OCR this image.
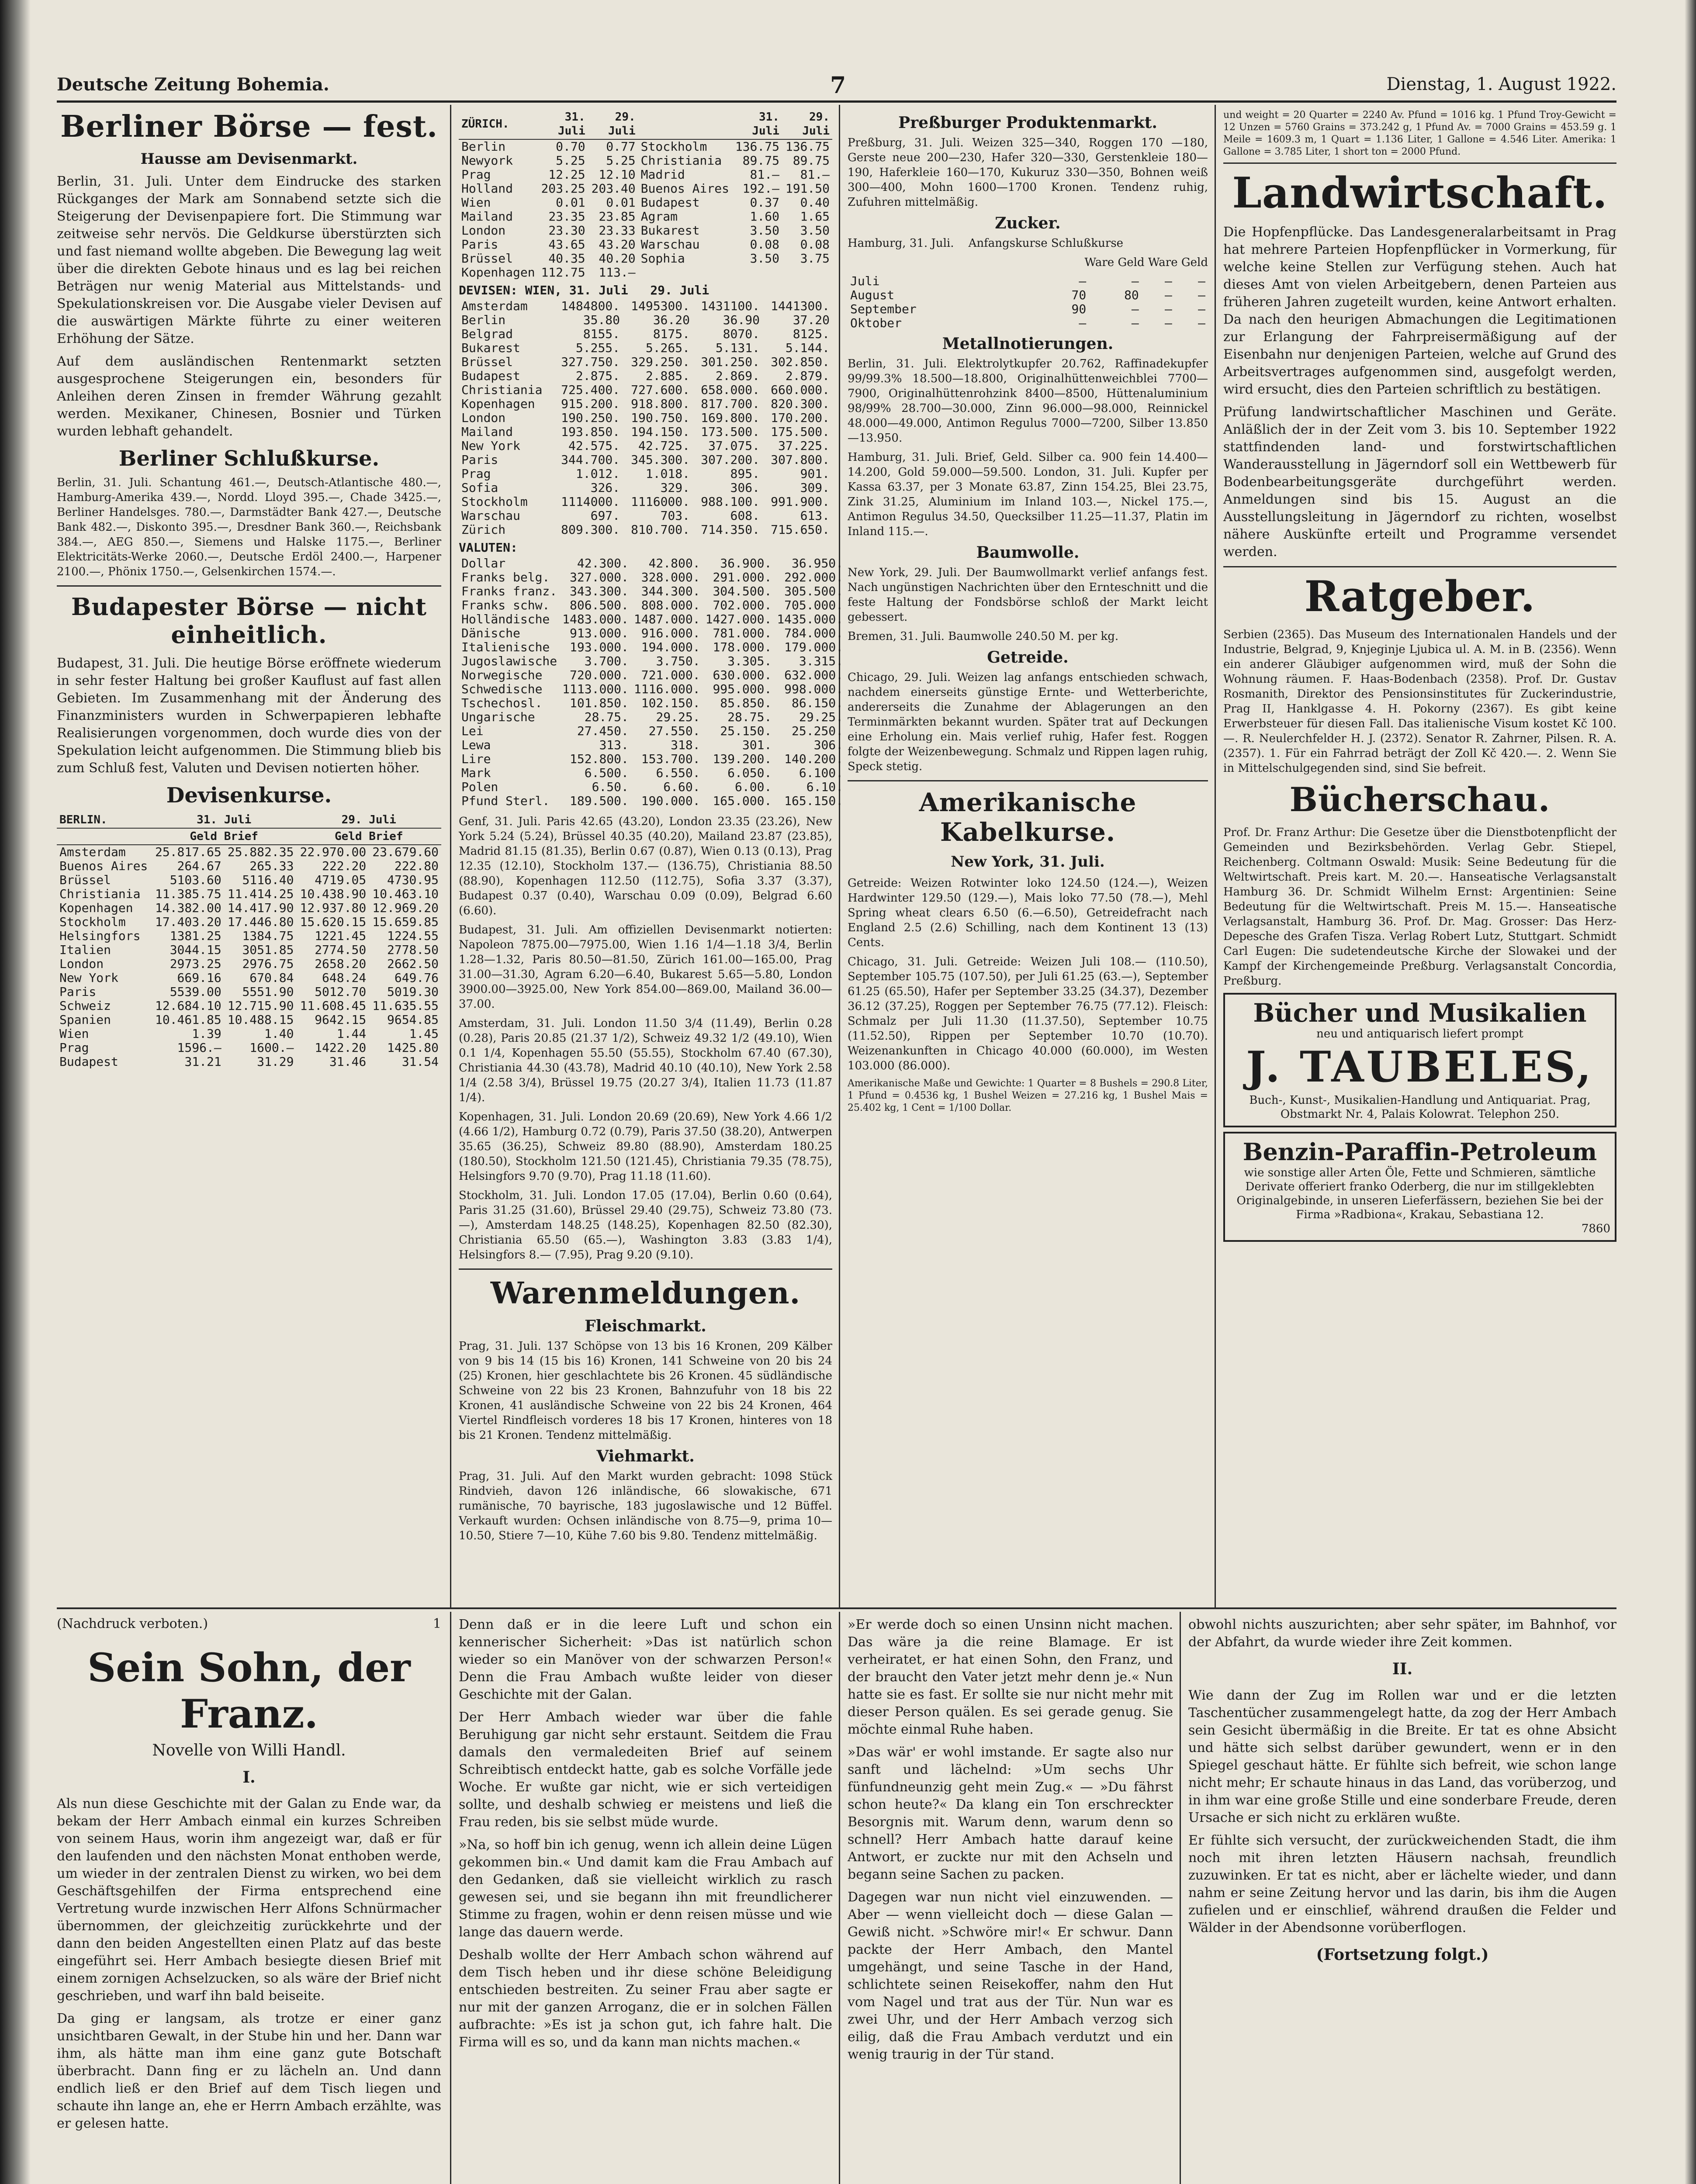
Deutsche Zeitung Bohemia.	7	Dienstag, 1. August 1922.
Berliner Börse — fest.
Hausse am Devisenmarkt.

Berlin, 31. Juli. Unter dem Eindrucke des starken Rückganges der Mark am Sonnabend setzte sich die Steigerung der Devisenpapiere fort. Die Stimmung war zeitweise sehr nervös. Die Geldkurse überstürzten sich und fast niemand wollte abgeben. Die Bewegung lag weit über die direkten Gebote hinaus und es lag bei reichen Beträgen nur wenig Material aus Mittelstands- und Spekulationskreisen vor. Die Ausgabe vieler Devisen auf die auswärtigen Märkte führte zu einer weiteren Erhöhung der Sätze.

Auf dem ausländischen Rentenmarkt setzten ausgesprochene Steigerungen ein, besonders für Anleihen deren Zinsen in fremder Währung gezahlt werden. Mexikaner, Chinesen, Bosnier und Türken wurden lebhaft gehandelt.

Berliner Schlußkurse.

Berlin, 31. Juli. Schantung 461.—, Deutsch-Atlantische 480.—, Hamburg-Amerika 439.—, Nordd. Lloyd 395.—, Chade 3425.—, Berliner Handelsges. 780.—, Darmstädter Bank 427.—, Deutsche Bank 482.—, Diskonto 395.—, Dresdner Bank 360.—, Reichsbank 384.—, AEG 850.—, Siemens und Halske 1175.—, Berliner Elektricitäts-Werke 2060.—, Deutsche Erdöl 2400.—, Harpener 2100.—, Phönix 1750.—, Gelsenkirchen 1574.—.

Budapester Börse — nicht einheitlich.

Budapest, 31. Juli. Die heutige Börse eröffnete wiederum in sehr fester Haltung bei großer Kauflust auf fast allen Gebieten. Im Zusammenhang mit der Änderung des Finanzministers wurden in Schwerpapieren lebhafte Realisierungen vorgenommen, doch wurde dies von der Spekulation leicht aufgenommen. Die Stimmung blieb bis zum Schluß fest, Valuten und Devisen notierten höher.

Devisenkurse.
BERLIN.	31. Juli		29. Juli	
	Geld Brief		Geld Brief	
Amsterdam	25.817.65	25.882.35	22.970.00	23.679.60
Buenos Aires	264.67	265.33	222.20	222.80
Brüssel	5103.60	5116.40	4719.05	4730.95
Christiania	11.385.75	11.414.25	10.438.90	10.463.10
Kopenhagen	14.382.00	14.417.90	12.937.80	12.969.20
Stockholm	17.403.20	17.446.80	15.620.15	15.659.85
Helsingfors	1381.25	1384.75	1221.45	1224.55
Italien	3044.15	3051.85	2774.50	2778.50
London	2973.25	2976.75	2658.20	2662.50
New York	669.16	670.84	648.24	649.76
Paris	5539.00	5551.90	5012.70	5019.30
Schweiz	12.684.10	12.715.90	11.608.45	11.635.55
Spanien	10.461.85	10.488.15	9642.15	9654.85
Wien	1.39	1.40	1.44	1.45
Prag	1596.—	1600.—	1422.20	1425.80
Budapest	31.21	31.29	31.46	31.54
ZÜRICH.	31. Juli	29. Juli		31. Juli	29. Juli
Berlin	0.70	0.77	Stockholm	136.75	136.75
Newyork	5.25	5.25	Christiania	89.75	89.75
Prag	12.25	12.10	Madrid	81.—	81.—
Holland	203.25	203.40	Buenos Aires	192.—	191.50
Wien	0.01	0.01	Budapest	0.37	0.40
Mailand	23.35	23.85	Agram	1.60	1.65
London	23.30	23.33	Bukarest	3.50	3.50
Paris	43.65	43.20	Warschau	0.08	0.08
Brüssel	40.35	40.20	Sophia	3.50	3.75
Kopenhagen	112.75	113.—			
DEVISEN: WIEN, 31. Juli 29. Juli
Amsterdam	1484800.	1495300.	1431100.	1441300.
Berlin	35.80	36.20	36.90	37.20
Belgrad	8155.	8175.	8070.	8125.
Bukarest	5.255.	5.265.	5.131.	5.144.
Brüssel	327.750.	329.250.	301.250.	302.850.
Budapest	2.875.	2.885.	2.869.	2.879.
Christiania	725.400.	727.600.	658.000.	660.000.
Kopenhagen	915.200.	918.800.	817.700.	820.300.
London	190.250.	190.750.	169.800.	170.200.
Mailand	193.850.	194.150.	173.500.	175.500.
New York	42.575.	42.725.	37.075.	37.225.
Paris	344.700.	345.300.	307.200.	307.800.
Prag	1.012.	1.018.	895.	901.
Sofia	326.	329.	306.	309.
Stockholm	1114000.	1116000.	988.100.	991.900.
Warschau	697.	703.	608.	613.
Zürich	809.300.	810.700.	714.350.	715.650.
VALUTEN:
Dollar	42.300.	42.800.	36.900.	36.950.
Franks belg.	327.000.	328.000.	291.000.	292.000.
Franks franz.	343.300.	344.300.	304.500.	305.500.
Franks schw.	806.500.	808.000.	702.000.	705.000.
Holländische	1483.000.	1487.000.	1427.000.	1435.000.
Dänische	913.000.	916.000.	781.000.	784.000.
Italienische	193.000.	194.000.	178.000.	179.000.
Jugoslawische	3.700.	3.750.	3.305.	3.315.
Norwegische	720.000.	721.000.	630.000.	632.000.
Schwedische	1113.000.	1116.000.	995.000.	998.000.
Tschechosl.	101.850.	102.150.	85.850.	86.150.
Ungarische	28.75.	29.25.	28.75.	29.25.
Lei	27.450.	27.550.	25.150.	25.250.
Lewa	313.	318.	301.	306.
Lire	152.800.	153.700.	139.200.	140.200.
Mark	6.500.	6.550.	6.050.	6.100.
Polen	6.50.	6.60.	6.00.	6.10.
Pfund Sterl.	189.500.	190.000.	165.000.	165.150.

Genf, 31. Juli. Paris 42.65 (43.20), London 23.35 (23.26), New York 5.24 (5.24), Brüssel 40.35 (40.20), Mailand 23.87 (23.85), Madrid 81.15 (81.35), Berlin 0.67 (0.87), Wien 0.13 (0.13), Prag 12.35 (12.10), Stockholm 137.— (136.75), Christiania 88.50 (88.90), Kopenhagen 112.50 (112.75), Sofia 3.37 (3.37), Budapest 0.37 (0.40), Warschau 0.09 (0.09), Belgrad 6.60 (6.60).

Budapest, 31. Juli. Am offiziellen Devisenmarkt notierten: Napoleon 7875.00—7975.00, Wien 1.16 1/4—1.18 3/4, Berlin 1.28—1.32, Paris 80.50—81.50, Zürich 161.00—165.00, Prag 31.00—31.30, Agram 6.20—6.40, Bukarest 5.65—5.80, London 3900.00—3925.00, New York 854.00—869.00, Mailand 36.00—37.00.

Amsterdam, 31. Juli. London 11.50 3/4 (11.49), Berlin 0.28 (0.28), Paris 20.85 (21.37 1/2), Schweiz 49.32 1/2 (49.10), Wien 0.1 1/4, Kopenhagen 55.50 (55.55), Stockholm 67.40 (67.30), Christiania 44.30 (43.78), Madrid 40.10 (40.10), New York 2.58 1/4 (2.58 3/4), Brüssel 19.75 (20.27 3/4), Italien 11.73 (11.87 1/4).

Kopenhagen, 31. Juli. London 20.69 (20.69), New York 4.66 1/2 (4.66 1/2), Hamburg 0.72 (0.79), Paris 37.50 (38.20), Antwerpen 35.65 (36.25), Schweiz 89.80 (88.90), Amsterdam 180.25 (180.50), Stockholm 121.50 (121.45), Christiania 79.35 (78.75), Helsingfors 9.70 (9.70), Prag 11.18 (11.60).

Stockholm, 31. Juli. London 17.05 (17.04), Berlin 0.60 (0.64), Paris 31.25 (31.60), Brüssel 29.40 (29.75), Schweiz 73.80 (73.—), Amsterdam 148.25 (148.25), Kopenhagen 82.50 (82.30), Christiania 65.50 (65.—), Washington 3.83 (3.83 1/4), Helsingfors 8.— (7.95), Prag 9.20 (9.10).

Warenmeldungen.
Fleischmarkt.

Prag, 31. Juli. 137 Schöpse von 13 bis 16 Kronen, 209 Kälber von 9 bis 14 (15 bis 16) Kronen, 141 Schweine von 20 bis 24 (25) Kronen, hier geschlachtete bis 26 Kronen. 45 südländische Schweine von 22 bis 23 Kronen, Bahnzufuhr von 18 bis 22 Kronen, 41 ausländische Schweine von 22 bis 24 Kronen, 464 Viertel Rindfleisch vorderes 18 bis 17 Kronen, hinteres von 18 bis 21 Kronen. Tendenz mittelmäßig.

Viehmarkt.

Prag, 31. Juli. Auf den Markt wurden gebracht: 1098 Stück Rindvieh, davon 126 inländische, 66 slowakische, 671 rumänische, 70 bayrische, 183 jugoslawische und 12 Büffel. Verkauft wurden: Ochsen inländische von 8.75—9, prima 10—10.50, Stiere 7—10, Kühe 7.60 bis 9.80. Tendenz mittelmäßig.

Preßburger Produktenmarkt.

Preßburg, 31. Juli. Weizen 325—340, Roggen 170 —180, Gerste neue 200—230, Hafer 320—330, Gerstenkleie 180—190, Haferkleie 160—170, Kukuruz 330—350, Bohnen weiß 300—400, Mohn 1600—1700 Kronen. Tendenz ruhig, Zufuhren mittelmäßig.

Zucker.
Hamburg, 31. Juli. Anfangskurse Schlußkurse
Ware Geld Ware Geld
Juli	—	—	—	—
August	70	80	—	—
September	90	—	—	—
Oktober	—	—	—	—
Metallnotierungen.

Berlin, 31. Juli. Elektrolytkupfer 20.762, Raffinadekupfer 99/99.3% 18.500—18.800, Originalhüttenweichblei 7700—7900, Originalhüttenrohzink 8400—8500, Hüttenaluminium 98/99% 28.700—30.000, Zinn 96.000—98.000, Reinnickel 48.000—49.000, Antimon Regulus 7000—7200, Silber 13.850—13.950.

Hamburg, 31. Juli. Brief, Geld. Silber ca. 900 fein 14.400—14.200, Gold 59.000—59.500. London, 31. Juli. Kupfer per Kassa 63.37, per 3 Monate 63.87, Zinn 154.25, Blei 23.75, Zink 31.25, Aluminium im Inland 103.—, Nickel 175.—, Antimon Regulus 34.50, Quecksilber 11.25—11.37, Platin im Inland 115.—.

Baumwolle.

New York, 29. Juli. Der Baumwollmarkt verlief anfangs fest. Nach ungünstigen Nachrichten über den Ernteschnitt und die feste Haltung der Fondsbörse schloß der Markt leicht gebessert.

Bremen, 31. Juli. Baumwolle 240.50 M. per kg.

Getreide.

Chicago, 29. Juli. Weizen lag anfangs entschieden schwach, nachdem einerseits günstige Ernte- und Wetterberichte, andererseits die Zunahme der Ablagerungen an den Terminmärkten bekannt wurden. Später trat auf Deckungen eine Erholung ein. Mais verlief ruhig, Hafer fest. Roggen folgte der Weizenbewegung. Schmalz und Rippen lagen ruhig, Speck stetig.

Amerikanische Kabelkurse.
New York, 31. Juli.

Getreide: Weizen Rotwinter loko 124.50 (124.—), Weizen Hardwinter 129.50 (129.—), Mais loko 77.50 (78.—), Mehl Spring wheat clears 6.50 (6.—6.50), Getreidefracht nach England 2.5 (2.6) Schilling, nach dem Kontinent 13 (13) Cents.

Chicago, 31. Juli. Getreide: Weizen Juli 108.— (110.50), September 105.75 (107.50), per Juli 61.25 (63.—), September 61.25 (65.50), Hafer per September 33.25 (34.37), Dezember 36.12 (37.25), Roggen per September 76.75 (77.12). Fleisch: Schmalz per Juli 11.30 (11.37.50), September 10.75 (11.52.50), Rippen per September 10.70 (10.70). Weizenankunften in Chicago 40.000 (60.000), im Westen 103.000 (86.000).

Amerikanische Maße und Gewichte: 1 Quarter = 8 Bushels = 290.8 Liter, 1 Pfund = 0.4536 kg, 1 Bushel Weizen = 27.216 kg, 1 Bushel Mais = 25.402 kg, 1 Cent = 1/100 Dollar.

und weight = 20 Quarter = 2240 Av. Pfund = 1016 kg. 1 Pfund Troy-Gewicht = 12 Unzen = 5760 Grains = 373.242 g, 1 Pfund Av. = 7000 Grains = 453.59 g. 1 Meile = 1609.3 m, 1 Quart = 1.136 Liter, 1 Gallone = 4.546 Liter. Amerika: 1 Gallone = 3.785 Liter, 1 short ton = 2000 Pfund.

Landwirtschaft.

Die Hopfenpflücke. Das Landesgeneralarbeitsamt in Prag hat mehrere Parteien Hopfenpflücker in Vormerkung, für welche keine Stellen zur Verfügung stehen. Auch hat dieses Amt von vielen Arbeitgebern, denen Parteien aus früheren Jahren zugeteilt wurden, keine Antwort erhalten. Da nach den heurigen Abmachungen die Legitimationen zur Erlangung der Fahrpreisermäßigung auf der Eisenbahn nur denjenigen Parteien, welche auf Grund des Arbeitsvertrages aufgenommen sind, ausgefolgt werden, wird ersucht, dies den Parteien schriftlich zu bestätigen.

Prüfung landwirtschaftlicher Maschinen und Geräte. Anläßlich der in der Zeit vom 3. bis 10. September 1922 stattfindenden land- und forstwirtschaftlichen Wanderausstellung in Jägerndorf soll ein Wettbewerb für Bodenbearbeitungsgeräte durchgeführt werden. Anmeldungen sind bis 15. August an die Ausstellungsleitung in Jägerndorf zu richten, woselbst nähere Auskünfte erteilt und Programme versendet werden.

Ratgeber.

Serbien (2365). Das Museum des Internationalen Handels und der Industrie, Belgrad, 9, Knjeginje Ljubica ul. A. M. in B. (2356). Wenn ein anderer Gläubiger aufgenommen wird, muß der Sohn die Wohnung räumen. F. Haas-Bodenbach (2358). Prof. Dr. Gustav Rosmanith, Direktor des Pensionsinstitutes für Zuckerindustrie, Prag II, Hanklgasse 4. H. Pokorny (2367). Es gibt keine Erwerbsteuer für diesen Fall. Das italienische Visum kostet Kč 100.—. R. Neulerchfelder H. J. (2372). Senator R. Zahrner, Pilsen. R. A. (2357). 1. Für ein Fahrrad beträgt der Zoll Kč 420.—. 2. Wenn Sie in Mittelschulgegenden sind, sind Sie befreit.

Bücherschau.

Prof. Dr. Franz Arthur: Die Gesetze über die Dienstbotenpflicht der Gemeinden und Bezirksbehörden. Verlag Gebr. Stiepel, Reichenberg. Coltmann Oswald: Musik: Seine Bedeutung für die Weltwirtschaft. Preis kart. M. 20.—. Hanseatische Verlagsanstalt Hamburg 36. Dr. Schmidt Wilhelm Ernst: Argentinien: Seine Bedeutung für die Weltwirtschaft. Preis M. 15.—. Hanseatische Verlagsanstalt, Hamburg 36. Prof. Dr. Mag. Grosser: Das Herz-Depesche des Grafen Tisza. Verlag Robert Lutz, Stuttgart. Schmidt Carl Eugen: Die sudetendeutsche Kirche der Slowakei und der Kampf der Kirchengemeinde Preßburg. Verlagsanstalt Concordia, Preßburg.

Bücher und Musikalien
neu und antiquarisch liefert prompt
J. TAUBELES,
Buch-, Kunst-, Musikalien-Handlung und Antiquariat. Prag, Obstmarkt Nr. 4, Palais Kolowrat. Telephon 250.
Benzin-Paraffin-Petroleum
wie sonstige aller Arten Öle, Fette und Schmieren, sämtliche Derivate offeriert franko Oderberg, die nur im stillgeklebten Originalgebinde, in unseren Lieferfässern, beziehen Sie bei der Firma »Radbiona«, Krakau, Sebastiana 12.
7860
(Nachdruck verboten.)	1
Sein Sohn, der Franz.
Novelle von Willi Handl.
I.

Als nun diese Geschichte mit der Galan zu Ende war, da bekam der Herr Ambach einmal ein kurzes Schreiben von seinem Haus, worin ihm angezeigt war, daß er für den laufenden und den nächsten Monat enthoben werde, um wieder in der zentralen Dienst zu wirken, wo bei dem Geschäftsgehilfen der Firma entsprechend eine Vertretung wurde inzwischen Herr Alfons Schnürmacher übernommen, der gleichzeitig zurückkehrte und der dann den beiden Angestellten einen Platz auf das beste eingeführt sei. Herr Ambach besiegte diesen Brief mit einem zornigen Achselzucken, so als wäre der Brief nicht geschrieben, und warf ihn bald beiseite.

Da ging er langsam, als trotze er einer ganz unsichtbaren Gewalt, in der Stube hin und her. Dann war ihm, als hätte man ihm eine ganz gute Botschaft überbracht. Dann fing er zu lächeln an. Und dann endlich ließ er den Brief auf dem Tisch liegen und schaute ihn lange an, ehe er Herrn Ambach erzählte, was er gelesen hatte.

Denn daß er in die leere Luft und schon ein kennerischer Sicherheit: »Das ist natürlich schon wieder so ein Manöver von der schwarzen Person!« Denn die Frau Ambach wußte leider von dieser Geschichte mit der Galan.

Der Herr Ambach wieder war über die fahle Beruhigung gar nicht sehr erstaunt. Seitdem die Frau damals den vermaledeiten Brief auf seinem Schreibtisch entdeckt hatte, gab es solche Vorfälle jede Woche. Er wußte gar nicht, wie er sich verteidigen sollte, und deshalb schwieg er meistens und ließ die Frau reden, bis sie selbst müde wurde.

»Na, so hoff bin ich genug, wenn ich allein deine Lügen gekommen bin.« Und damit kam die Frau Ambach auf den Gedanken, daß sie vielleicht wirklich zu rasch gewesen sei, und sie begann ihn mit freundlicherer Stimme zu fragen, wohin er denn reisen müsse und wie lange das dauern werde.

Deshalb wollte der Herr Ambach schon während auf dem Tisch heben und ihr diese schöne Beleidigung entschieden bestreiten. Zu seiner Frau aber sagte er nur mit der ganzen Arroganz, die er in solchen Fällen aufbrachte: »Es ist ja schon gut, ich fahre halt. Die Firma will es so, und da kann man nichts machen.«

»Er werde doch so einen Unsinn nicht machen. Das wäre ja die reine Blamage. Er ist verheiratet, er hat einen Sohn, den Franz, und der braucht den Vater jetzt mehr denn je.« Nun hatte sie es fast. Er sollte sie nur nicht mehr mit dieser Person quälen. Es sei gerade genug. Sie möchte einmal Ruhe haben.

»Das wär' er wohl imstande. Er sagte also nur sanft und lächelnd: »Um sechs Uhr fünfundneunzig geht mein Zug.« — »Du fährst schon heute?« Da klang ein Ton erschreckter Besorgnis mit. Warum denn, warum denn so schnell? Herr Ambach hatte darauf keine Antwort, er zuckte nur mit den Achseln und begann seine Sachen zu packen.

Dagegen war nun nicht viel einzuwenden. — Aber — wenn vielleicht doch — diese Galan — Gewiß nicht. »Schwöre mir!« Er schwur. Dann packte der Herr Ambach, den Mantel umgehängt, und seine Tasche in der Hand, schlichtete seinen Reisekoffer, nahm den Hut vom Nagel und trat aus der Tür. Nun war es zwei Uhr, und der Herr Ambach verzog sich eilig, daß die Frau Ambach verdutzt und ein wenig traurig in der Tür stand.

obwohl nichts auszurichten; aber sehr später, im Bahnhof, vor der Abfahrt, da wurde wieder ihre Zeit kommen.

II.

Wie dann der Zug im Rollen war und er die letzten Taschentücher zusammengelegt hatte, da zog der Herr Ambach sein Gesicht übermäßig in die Breite. Er tat es ohne Absicht und hätte sich selbst darüber gewundert, wenn er in den Spiegel geschaut hätte. Er fühlte sich befreit, wie schon lange nicht mehr; Er schaute hinaus in das Land, das vorüberzog, und in ihm war eine große Stille und eine sonderbare Freude, deren Ursache er sich nicht zu erklären wußte.

Er fühlte sich versucht, der zurückweichenden Stadt, die ihm noch mit ihren letzten Häusern nachsah, freundlich zuzuwinken. Er tat es nicht, aber er lächelte wieder, und dann nahm er seine Zeitung hervor und las darin, bis ihm die Augen zufielen und er einschlief, während draußen die Felder und Wälder in der Abendsonne vorüberflogen.

(Fortsetzung folgt.)
